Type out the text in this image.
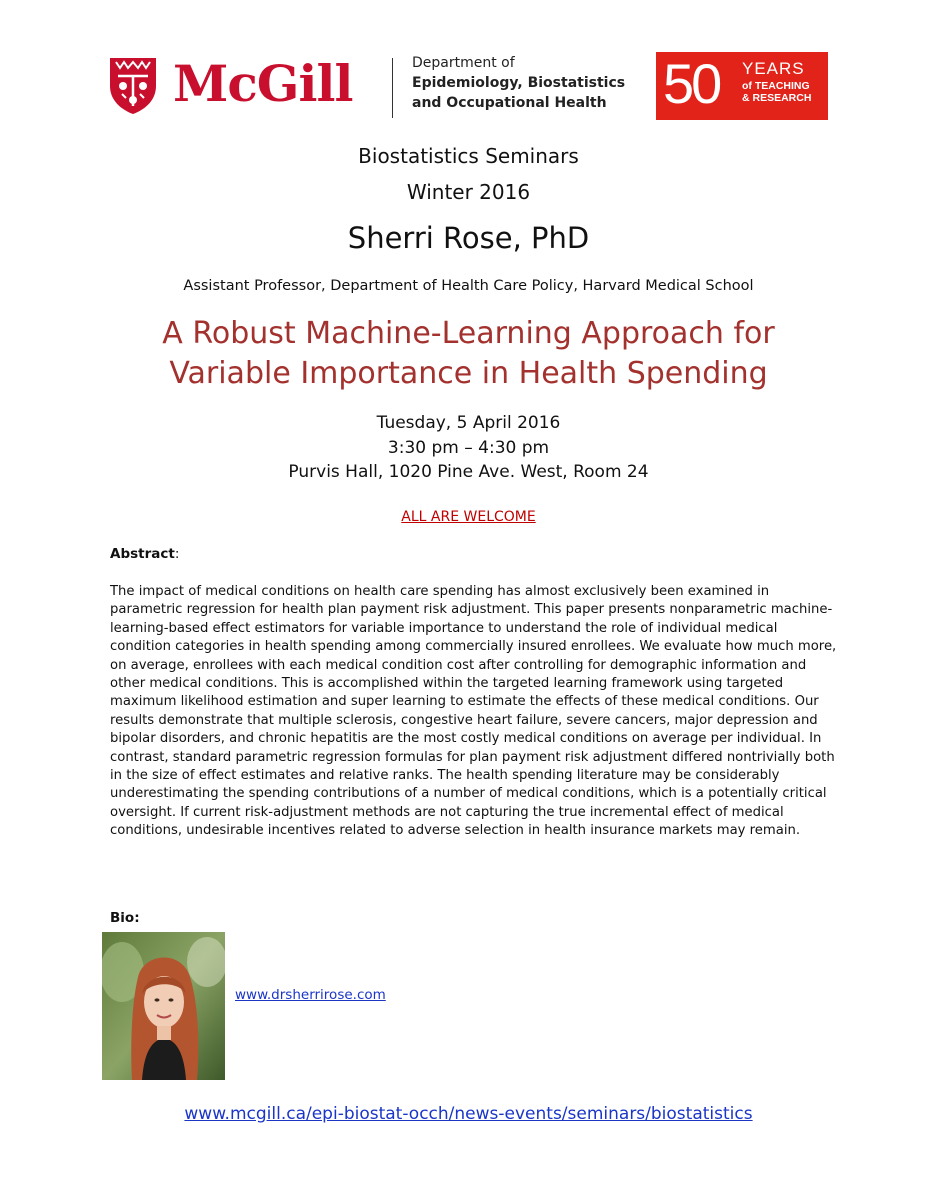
McGill	Department of
Epidemiology, Biostatistics
and Occupational Health	50 YEARS
of TEACHING
& RESEARCH
Biostatistics Seminars
Winter 2016
Sherri Rose, PhD
Assistant Professor, Department of Health Care Policy, Harvard Medical School
A Robust Machine-Learning Approach for
Variable Importance in Health Spending
Tuesday, 5 April 2016
3:30 pm – 4:30 pm
Purvis Hall, 1020 Pine Ave. West, Room 24
ALL ARE WELCOME
Abstract:
The impact of medical conditions on health care spending has almost exclusively been examined in parametric regression for health plan payment risk adjustment. This paper presents nonparametric machine-learning-based effect estimators for variable importance to understand the role of individual medical condition categories in health spending among commercially insured enrollees. We evaluate how much more, on average, enrollees with each medical condition cost after controlling for demographic information and other medical conditions. This is accomplished within the targeted learning framework using targeted maximum likelihood estimation and super learning to estimate the effects of these medical conditions. Our results demonstrate that multiple sclerosis, congestive heart failure, severe cancers, major depression and bipolar disorders, and chronic hepatitis are the most costly medical conditions on average per individual. In contrast, standard parametric regression formulas for plan payment risk adjustment differed nontrivially both in the size of effect estimates and relative ranks. The health spending literature may be considerably underestimating the spending contributions of a number of medical conditions, which is a potentially critical oversight. If current risk-adjustment methods are not capturing the true incremental effect of medical conditions, undesirable incentives related to adverse selection in health insurance markets may remain.
Bio:
www.drsherrirose.com
www.mcgill.ca/epi-biostat-occh/news-events/seminars/biostatistics
